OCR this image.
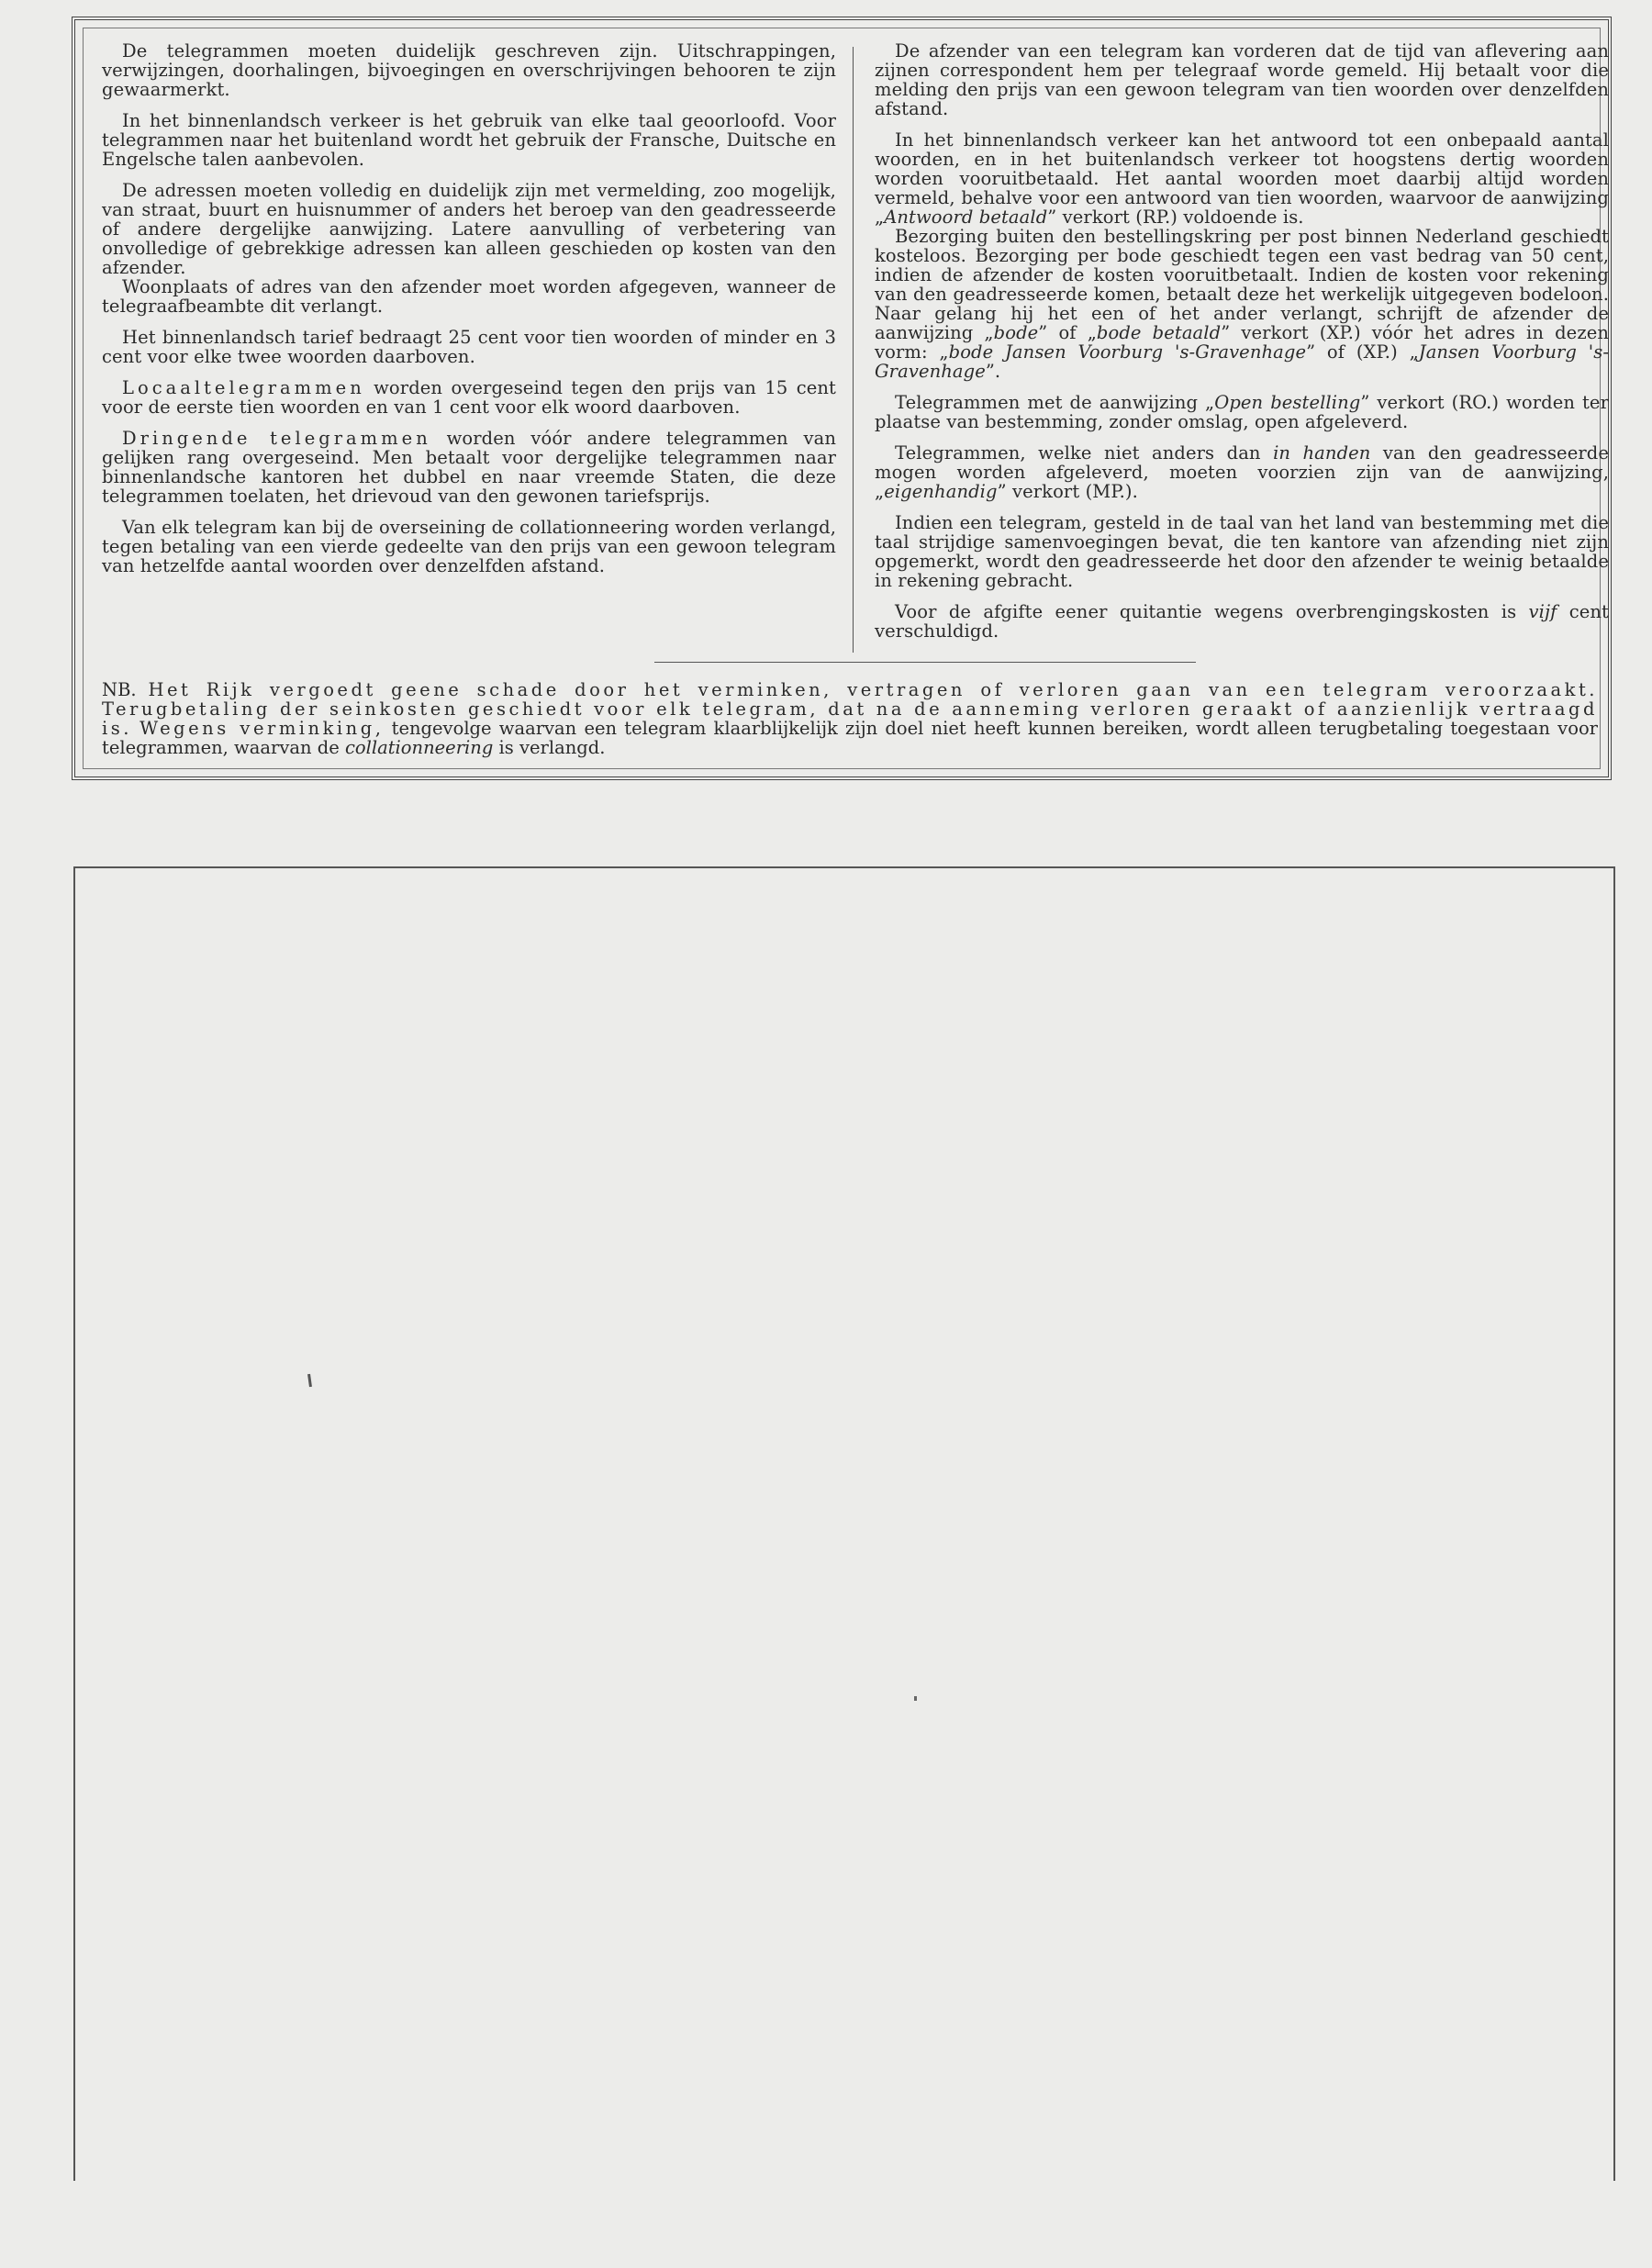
De telegrammen moeten duidelijk geschreven zijn. Uitschrappingen, verwijzingen, doorhalingen, bijvoegingen en overschrijvingen behooren te zijn gewaarmerkt.

In het binnenlandsch verkeer is het gebruik van elke taal geoorloofd. Voor telegrammen naar het buitenland wordt het gebruik der Fransche, Duitsche en Engelsche talen aanbevolen.

De adressen moeten volledig en duidelijk zijn met vermelding, zoo mogelijk, van straat, buurt en huisnummer of anders het beroep van den geadresseerde of andere dergelijke aanwijzing. Latere aanvulling of verbetering van onvolledige of gebrekkige adressen kan alleen geschieden op kosten van den afzender.

Woonplaats of adres van den afzender moet worden afgegeven, wanneer de telegraafbeambte dit verlangt.

Het binnenlandsch tarief bedraagt 25 cent voor tien woorden of minder en 3 cent voor elke twee woorden daarboven.

Locaaltelegrammen worden overgeseind tegen den prijs van 15 cent voor de eerste tien woorden en van 1 cent voor elk woord daarboven.

Dringende telegrammen worden vóór andere telegrammen van gelijken rang overgeseind. Men betaalt voor dergelijke telegrammen naar binnenlandsche kantoren het dubbel en naar vreemde Staten, die deze telegrammen toelaten, het drievoud van den gewonen tariefsprijs.

Van elk telegram kan bij de overseining de collationneering worden verlangd, tegen betaling van een vierde gedeelte van den prijs van een gewoon telegram van hetzelfde aantal woorden over denzelfden afstand.

De afzender van een telegram kan vorderen dat de tijd van aflevering aan zijnen correspondent hem per telegraaf worde gemeld. Hij betaalt voor die melding den prijs van een gewoon telegram van tien woorden over denzelfden afstand.

In het binnenlandsch verkeer kan het antwoord tot een onbepaald aantal woorden, en in het buitenlandsch verkeer tot hoogstens dertig woorden worden vooruitbetaald. Het aantal woorden moet daarbij altijd worden vermeld, behalve voor een antwoord van tien woorden, waarvoor de aanwijzing „Antwoord betaald” verkort (RP.) voldoende is.

Bezorging buiten den bestellingskring per post binnen Nederland geschiedt kosteloos. Bezorging per bode geschiedt tegen een vast bedrag van 50 cent, indien de afzender de kosten vooruitbetaalt. Indien de kosten voor rekening van den geadresseerde komen, betaalt deze het werkelijk uitgegeven bodeloon. Naar gelang hij het een of het ander verlangt, schrijft de afzender de aanwijzing „bode” of „bode betaald” verkort (XP.) vóór het adres in dezen vorm: „bode Jansen Voorburg 's-Gravenhage” of (XP.) „Jansen Voorburg 's-Gravenhage”.

Telegrammen met de aanwijzing „Open bestelling” verkort (RO.) worden ter plaatse van bestemming, zonder omslag, open afgeleverd.

Telegrammen, welke niet anders dan in handen van den geadresseerde mogen worden afgeleverd, moeten voorzien zijn van de aanwijzing, „eigenhandig” verkort (MP.).

Indien een telegram, gesteld in de taal van het land van bestemming met die taal strijdige samenvoegingen bevat, die ten kantore van afzending niet zijn opgemerkt, wordt den geadresseerde het door den afzender te weinig betaalde in rekening gebracht.

Voor de afgifte eener quitantie wegens overbrengingskosten is vijf cent verschuldigd.

NB. Het Rijk vergoedt geene schade door het verminken, vertragen of verloren gaan van een telegram veroorzaakt. Terugbetaling der seinkosten geschiedt voor elk telegram, dat na de aanneming verloren geraakt of aanzienlijk vertraagd is. Wegens verminking, tengevolge waarvan een telegram klaarblijkelijk zijn doel niet heeft kunnen bereiken, wordt alleen terugbetaling toegestaan voor telegrammen, waarvan de collationneering is verlangd.
